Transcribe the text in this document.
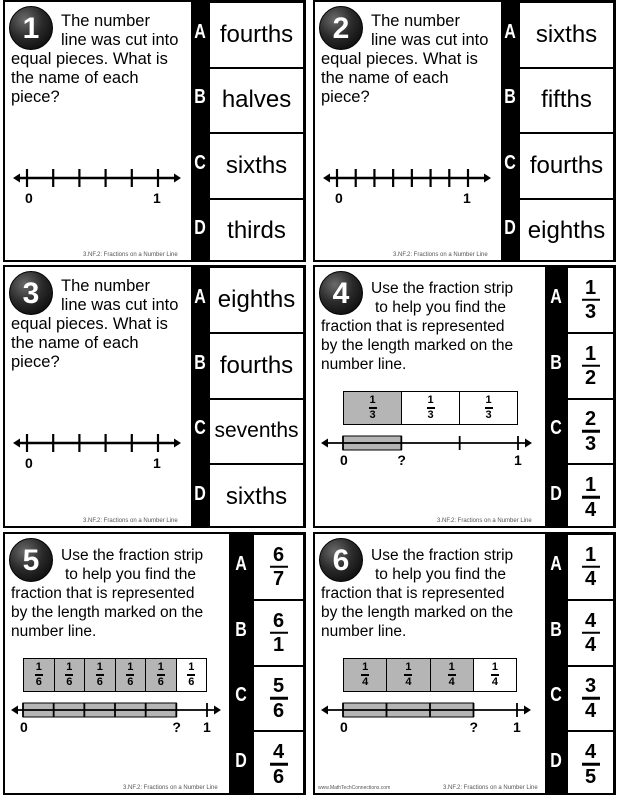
The number
line was cut into
equal pieces. What is
the name of each
piece?
1
0	1
3.NF.2: Fractions on a Number Line
A
B
C
D
fourths
halves
sixths
thirds
The number
line was cut into
equal pieces. What is
the name of each
piece?
2
0	1
3.NF.2: Fractions on a Number Line
A
B
C
D
sixths
fifths
fourths
eighths
The number
line was cut into
equal pieces. What is
the name of each
piece?
3
0	1
3.NF.2: Fractions on a Number Line
A
B
C
D
eighths
fourths
sevenths
sixths
Use the fraction strip
to help you find the
fraction that is represented
by the length marked on the
number line.
4
1
3
1
3
1
3
0	?	1
3.NF.2: Fractions on a Number Line
A
B
C
D
1
3
1
2
2
3
1
4
Use the fraction strip
to help you find the
fraction that is represented
by the length marked on the
number line.
5
1
6
1
6
1
6
1
6
1
6
1
6
0	? 1
3.NF.2: Fractions on a Number Line
A
B
C
D
6
7
6
1
5
6
4
6
Use the fraction strip
to help you find the
fraction that is represented
by the length marked on the
number line.
6
1
4
1
4
1
4
1
4
0	? 1
3.NF.2: Fractions on a Number Line
www.MathTechConnections.com
A
B
C
D
1
4
4
4
3
4
4
5
